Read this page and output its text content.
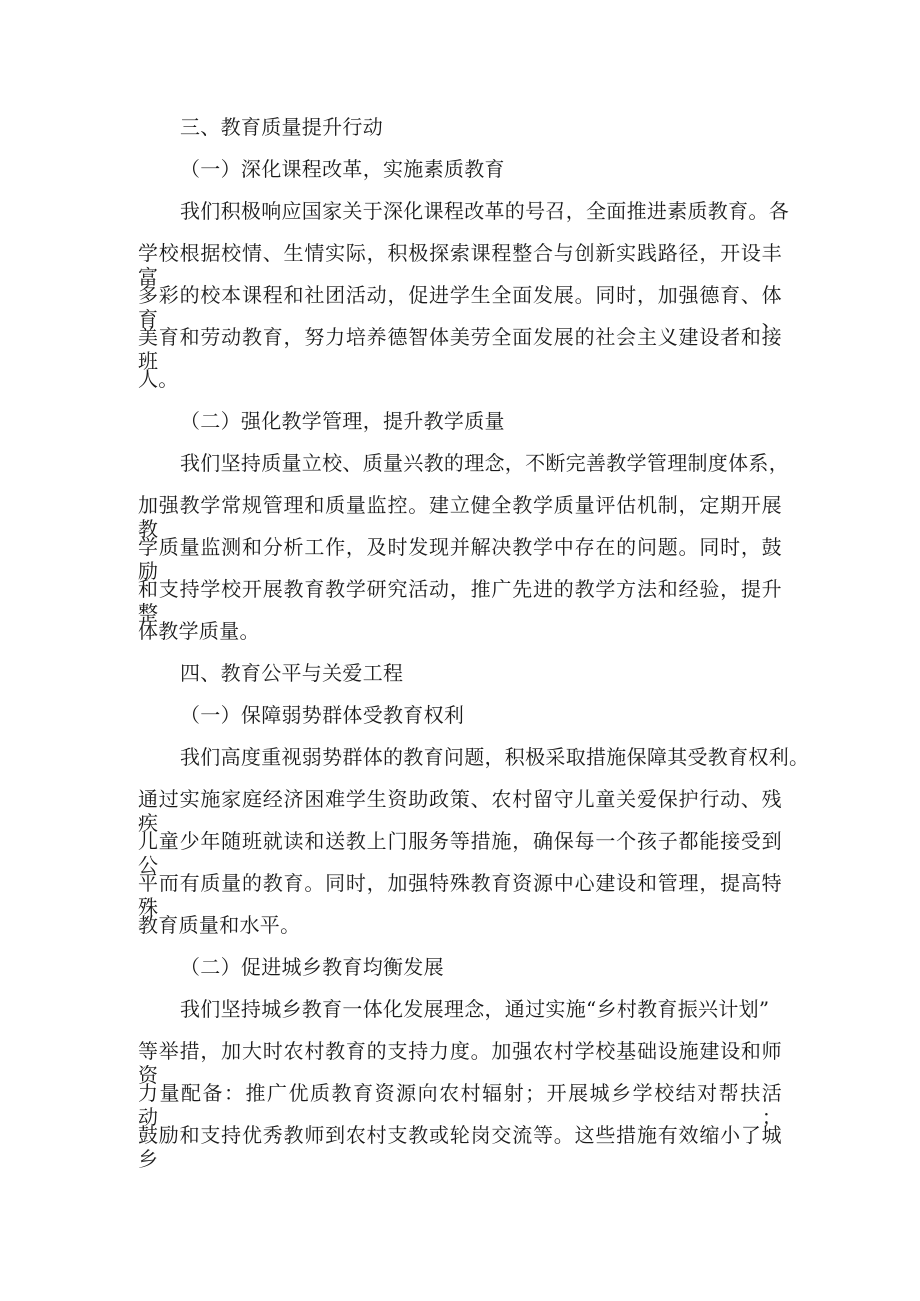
三、教育质量提升行动
（一）深化课程改革，实施素质教育
我们积极响应国家关于深化课程改革的号召，全面推进素质教育。各
学校根据校情、生情实际，积极探索课程整合与创新实践路径，开设丰富
多彩的校本课程和社团活动，促进学生全面发展。同时，加强德育、体育、
美育和劳动教育，努力培养德智体美劳全面发展的社会主义建设者和接班
人。
（二）强化教学管理，提升教学质量
我们坚持质量立校、质量兴教的理念，不断完善教学管理制度体系，
加强教学常规管理和质量监控。建立健全教学质量评估机制，定期开展教
学质量监测和分析工作，及时发现并解决教学中存在的问题。同时，鼓励
和支持学校开展教育教学研究活动，推广先进的教学方法和经验，提升整
体教学质量。
四、教育公平与关爱工程
（一）保障弱势群体受教育权利
我们高度重视弱势群体的教育问题，积极采取措施保障其受教育权利。
通过实施家庭经济困难学生资助政策、农村留守儿童关爱保护行动、残疾
儿童少年随班就读和送教上门服务等措施，确保每一个孩子都能接受到公
平而有质量的教育。同时，加强特殊教育资源中心建设和管理，提高特殊
教育质量和水平。
（二）促进城乡教育均衡发展
我们坚持城乡教育一体化发展理念，通过实施“乡村教育振兴计划”
等举措，加大时农村教育的支持力度。加强农村学校基础设施建设和师资
力量配备：推广优质教育资源向农村辐射；开展城乡学校结对帮扶活动；
鼓励和支持优秀教师到农村支教或轮岗交流等。这些措施有效缩小了城乡
